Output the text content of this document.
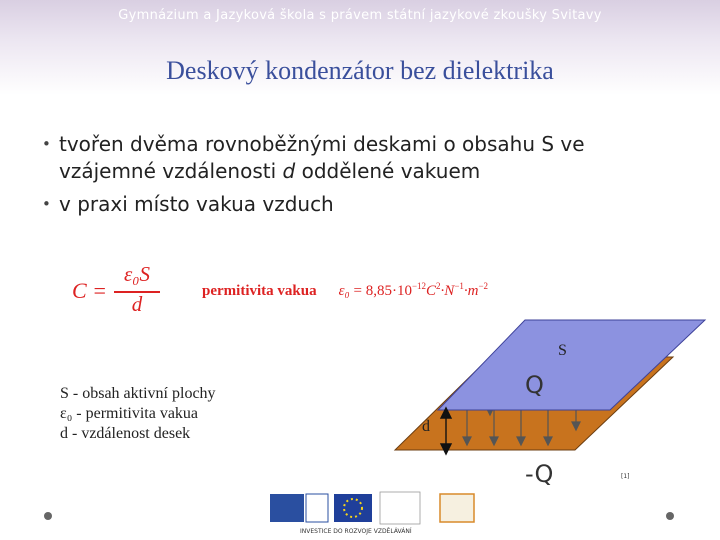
Gymnázium a Jazyková škola s právem státní jazykové zkoušky Svitavy
Deskový kondenzátor bez dielektrika
• tvořen dvěma rovnoběžnými deskami o obsahu S ve vzájemné vzdálenosti d oddělené vakuem
• v praxi místo vakua vzduch
C =
ε₀S
d
permitivita vakua $\varepsilon_0 = 8,85\cdot 10^{-12}C^2\cdot N^{-1}\cdot m^{-2}$
S - obsah aktivní plochy
ε₀ - permitivita vakua
d - vzdálenost desek
S
Q
d
-Q	[1]
INVESTICE DO ROZVOJE VZDĚLÁVÁNÍ
